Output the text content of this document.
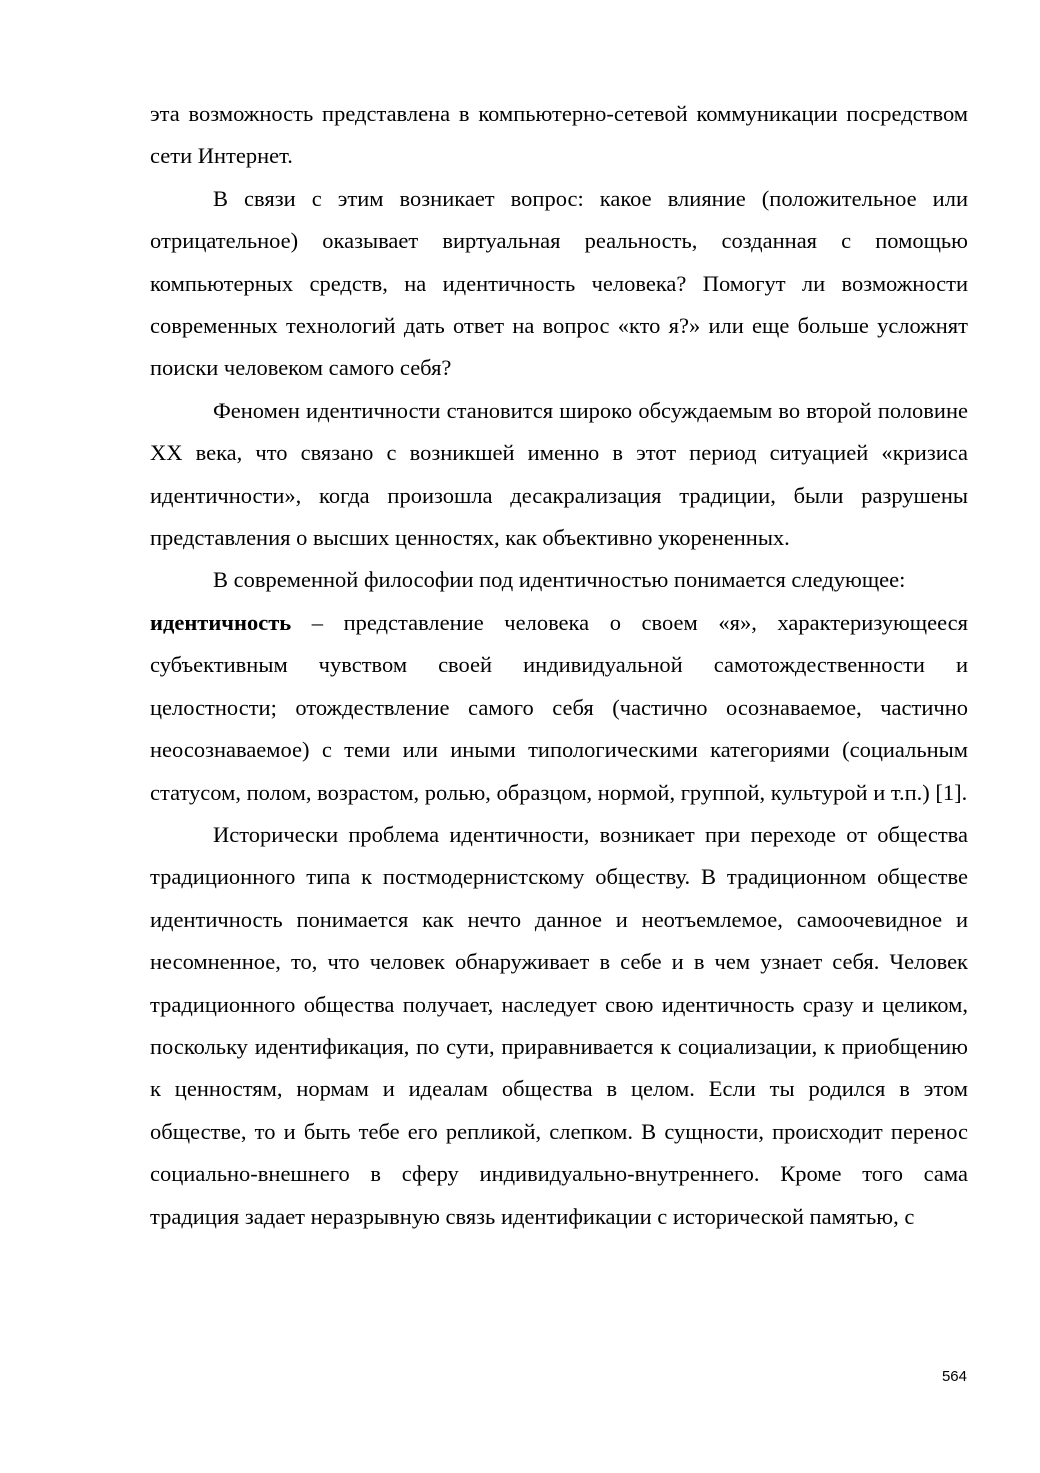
эта возможность представлена в компьютерно-сетевой коммуникации посредством сети Интернет.

В связи с этим возникает вопрос: какое влияние (положительное или отрицательное) оказывает виртуальная реальность, созданная с помощью компьютерных средств, на идентичность человека? Помогут ли возможности современных технологий дать ответ на вопрос «кто я?» или еще больше усложнят поиски человеком самого себя?

Феномен идентичности становится широко обсуждаемым во второй половине XX века, что связано с возникшей именно в этот период ситуацией «кризиса идентичности», когда произошла десакрализация традиции, были разрушены представления о высших ценностях, как объективно укорененных.

В современной философии под идентичностью понимается следующее:

идентичность – представление человека о своем «я», характеризующееся субъективным чувством своей индивидуальной самотождественности и целостности; отождествление самого себя (частично осознаваемое, частично неосознаваемое) с теми или иными типологическими категориями (социальным статусом, полом, возрастом, ролью, образцом, нормой, группой, культурой и т.п.) [1].

Исторически проблема идентичности, возникает при переходе от общества традиционного типа к постмодернистскому обществу. В традиционном обществе идентичность понимается как нечто данное и неотъемлемое, самоочевидное и несомненное, то, что человек обнаруживает в себе и в чем узнает себя. Человек традиционного общества получает, наследует свою идентичность сразу и целиком, поскольку идентификация, по сути, приравнивается к социализации, к приобщению к ценностям, нормам и идеалам общества в целом. Если ты родился в этом обществе, то и быть тебе его репликой, слепком. В сущности, происходит перенос социально-внешнего в сферу индивидуально-внутреннего. Кроме того сама традиция задает неразрывную связь идентификации с исторической памятью, с

564
